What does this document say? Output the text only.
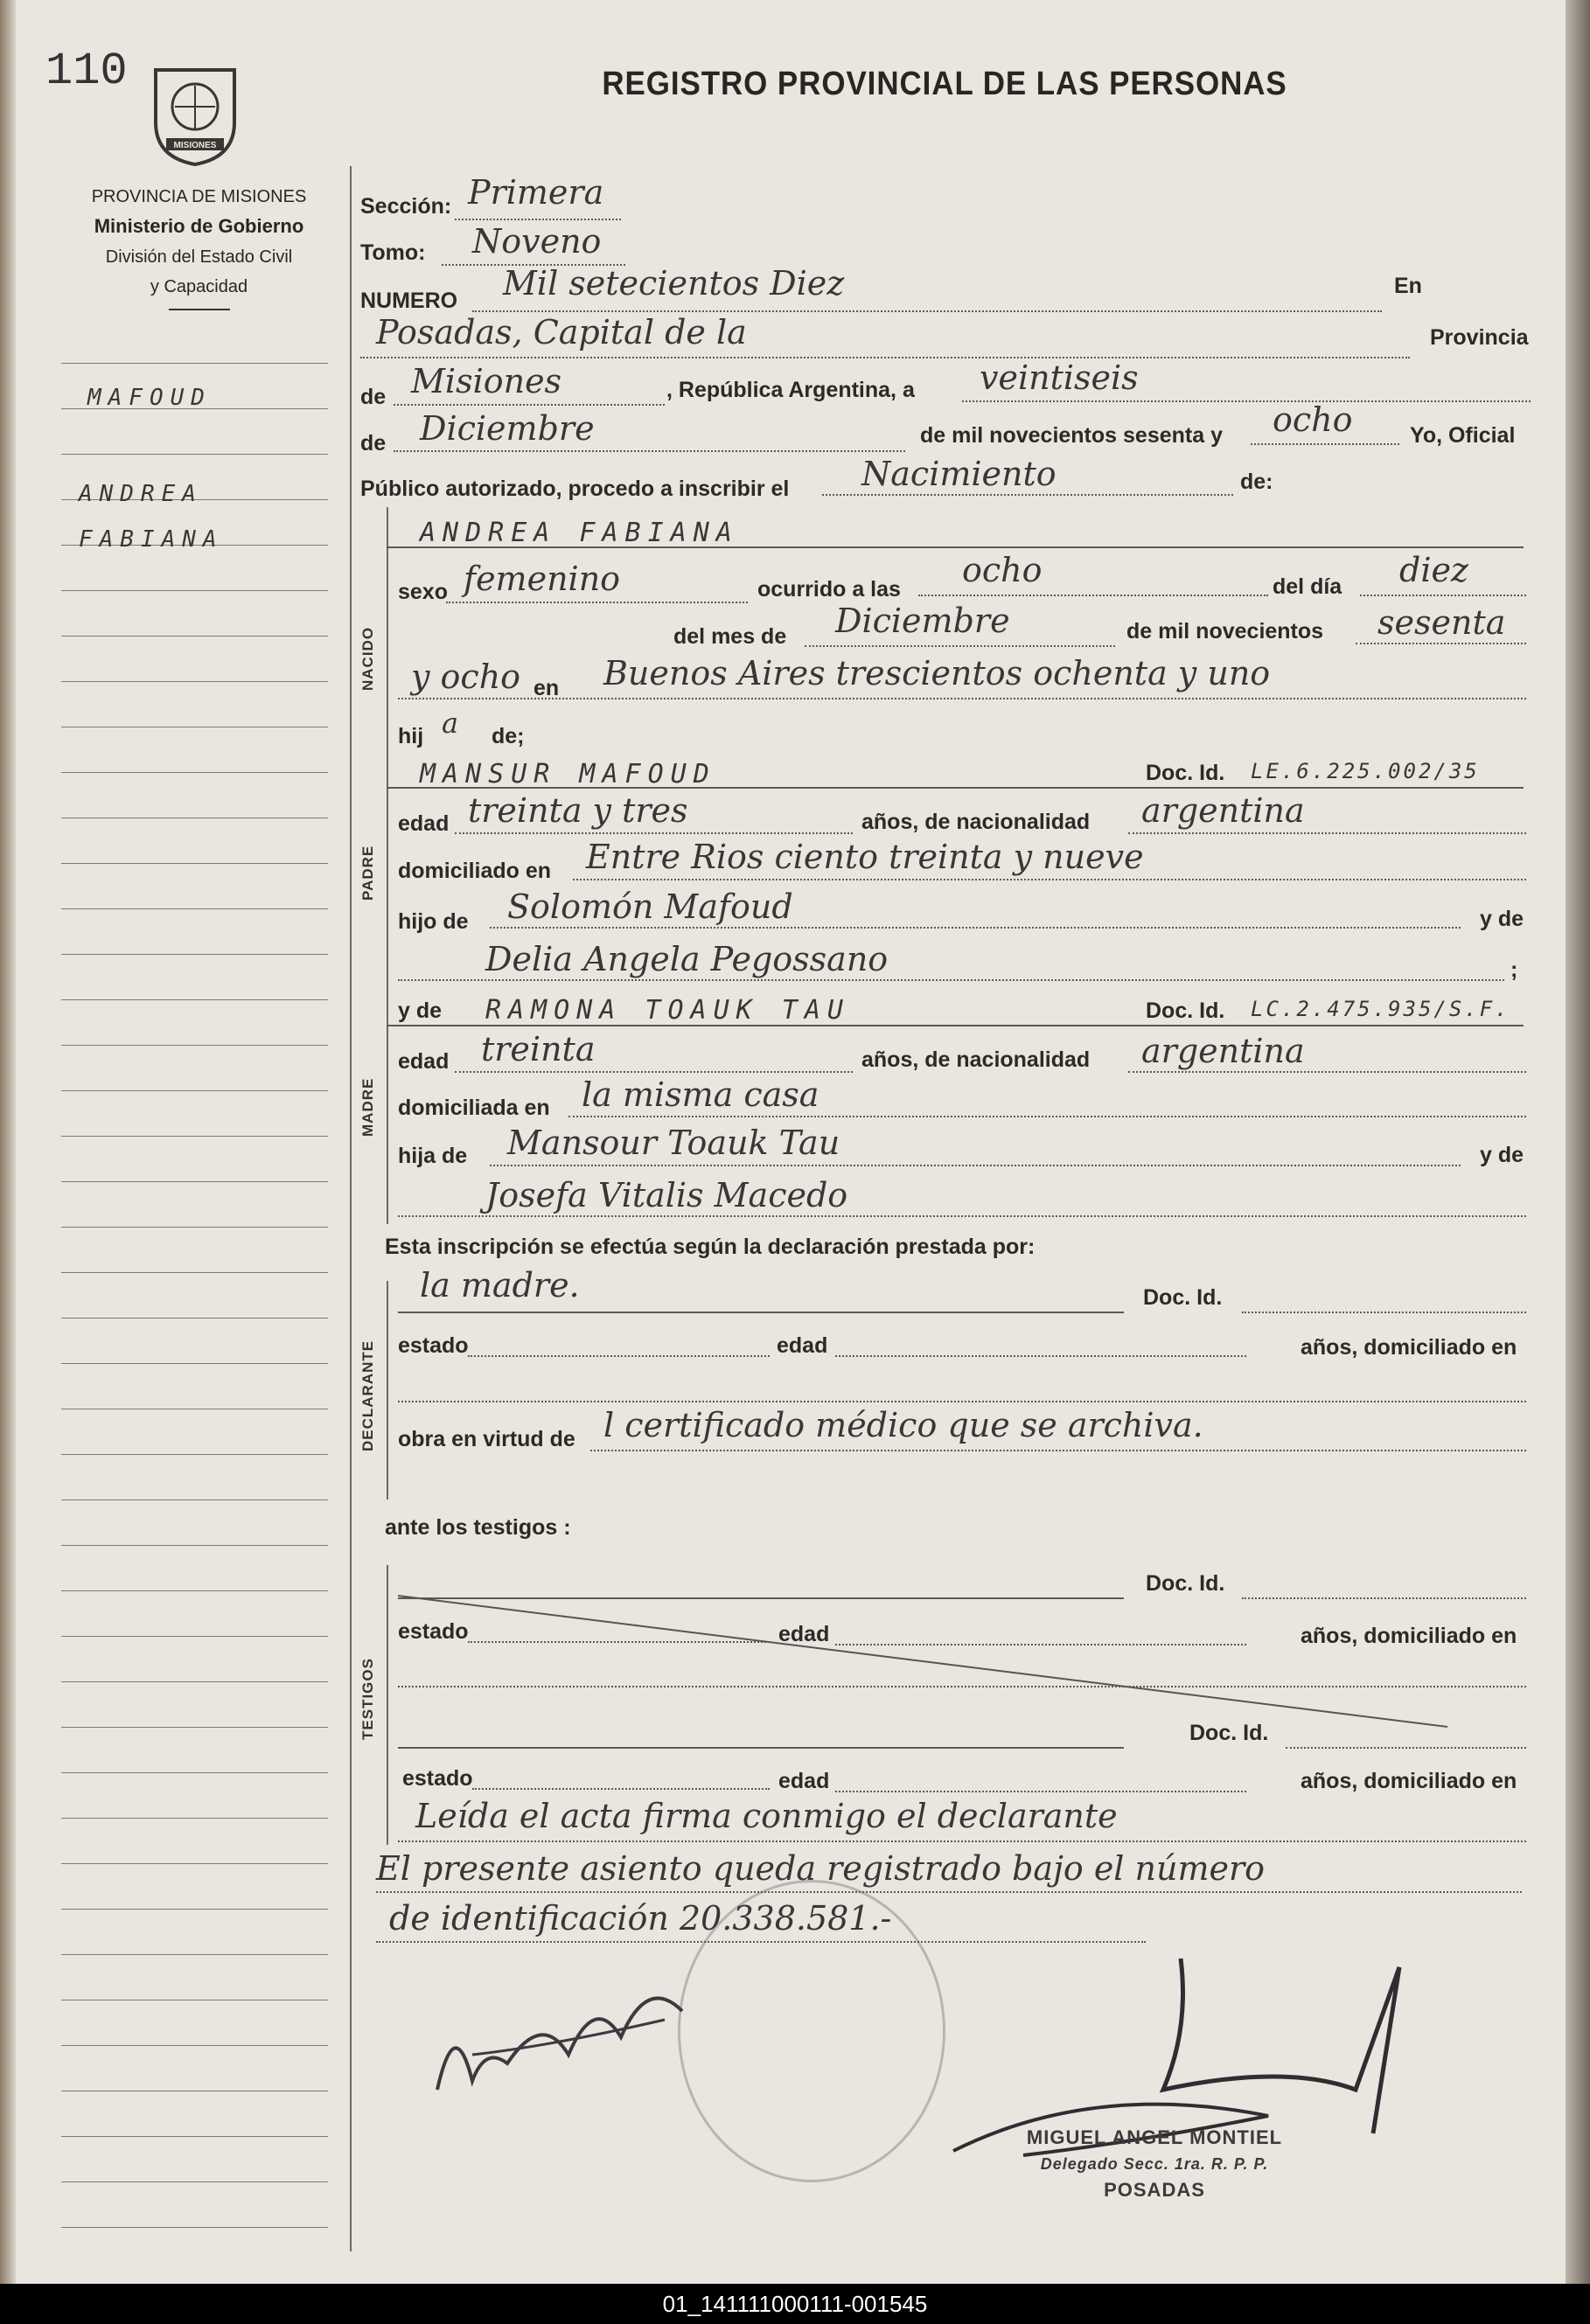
110
MISIONES
REGISTRO PROVINCIAL DE LAS PERSONAS
PROVINCIA DE MISIONES
Ministerio de Gobierno
División del Estado Civil
y Capacidad
MAFOUD
ANDREA
FABIANA
Sección: Primera
Tomo: Noveno
NUMERO Mil setecientos Diez	En
Posadas, Capital de la	Provincia
de Misiones	, República Argentina, a veintiseis
de Diciembre	de mil novecientos sesenta y ocho	Yo, Oficial
Público autorizado, procedo a inscribir el Nacimiento	de:
NACIDO
ANDREA FABIANA
sexo femenino	ocurrido a las ocho	del día diez
del mes de Diciembre	de mil novecientos sesenta
y ocho en Buenos Aires trescientos ochenta y uno
hij a de;
PADRE
MANSUR MAFOUD	Doc. Id. LE.6.225.002/35
edad treinta y tres	años, de nacionalidad argentina
domiciliado en Entre Rios ciento treinta y nueve
hijo de Solomón Mafoud	y de
Delia Angela Pegossano	;
MADRE
y de RAMONA TOAUK TAU	Doc. Id. LC.2.475.935/S.F.
edad treinta	años, de nacionalidad argentina
domiciliada en la misma casa
hija de Mansour Toauk Tau	y de
Josefa Vitalis Macedo
Esta inscripción se efectúa según la declaración prestada por:
DECLARANTE
la madre.	Doc. Id.
estado	edad	años, domiciliado en
obra en virtud de l certificado médico que se archiva.
ante los testigos :
TESTIGOS
Doc. Id.
estado	edad	años, domiciliado en
Doc. Id.
estado	edad	años, domiciliado en
Leída el acta firma conmigo el declarante
El presente asiento queda registrado bajo el número
de identificación 20.338.581.-
MIGUEL ANGEL MONTIEL
Delegado Secc. 1ra. R. P. P.
POSADAS
01_141111000111-001545
